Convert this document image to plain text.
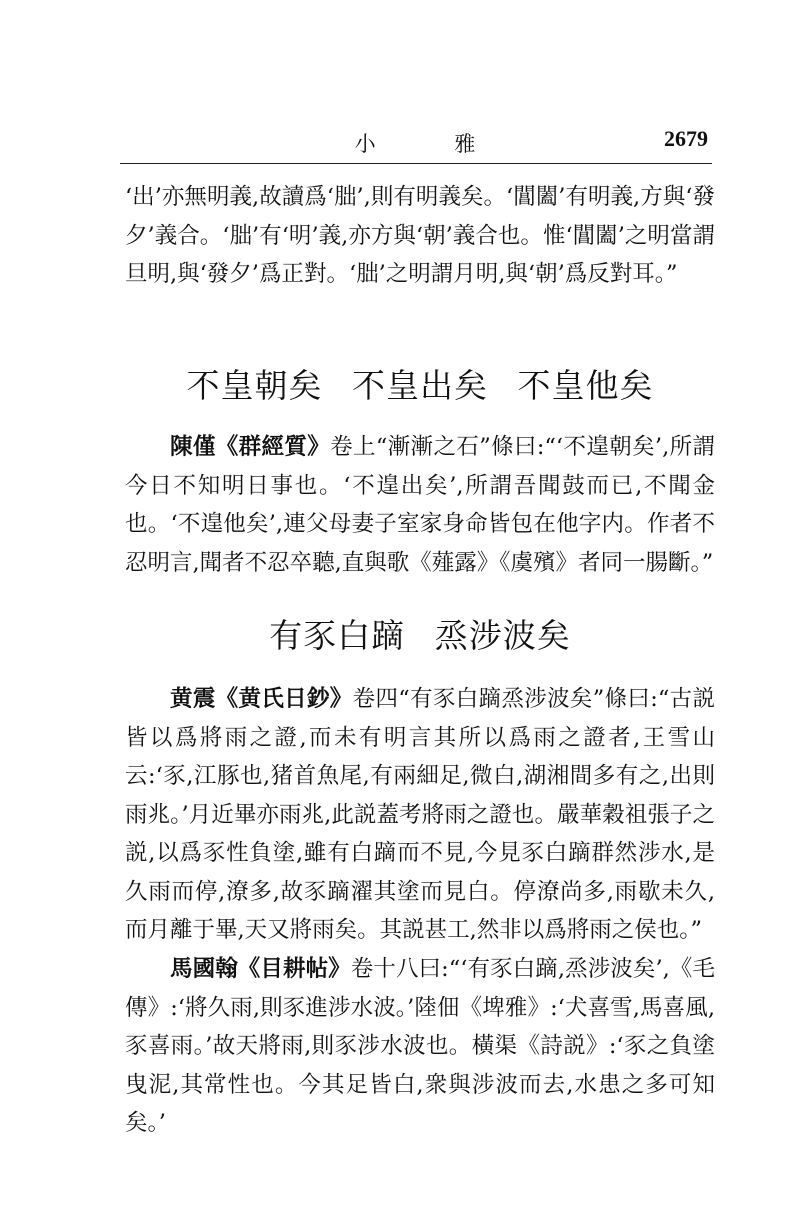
小 雅	2679

‘出’亦無明義,故讀爲‘朏’,則有明義矣。‘閶闔’有明義,方與‘發夕’義合。‘朏’有‘明’義,亦方與‘朝’義合也。惟‘閶闔’之明當謂旦明,與‘發夕’爲正對。‘朏’之明謂月明,與‘朝’爲反對耳。”

不皇朝矣 不皇出矣 不皇他矣

陳僅《群經質》卷上“漸漸之石”條曰:“‘不遑朝矣’,所謂今日不知明日事也。‘不遑出矣’,所謂吾聞鼓而已,不聞金也。‘不遑他矣’,連父母妻子室家身命皆包在他字内。作者不忍明言,聞者不忍卒聽,直與歌《薤露》《虞殯》者同一腸斷。”

有豕白蹢 烝涉波矣

黄震《黄氏日鈔》卷四“有豕白蹢烝涉波矣”條曰:“古説皆以爲將雨之證,而未有明言其所以爲雨之證者,王雪山云:‘豕,江豚也,猪首魚尾,有兩細足,微白,湖湘間多有之,出則雨兆。’月近畢亦雨兆,此説蓋考將雨之證也。嚴華穀祖張子之説,以爲豕性負塗,雖有白蹢而不見,今見豕白蹢群然涉水,是久雨而停,潦多,故豕蹢濯其塗而見白。停潦尚多,雨歇未久,而月離于畢,天又將雨矣。其説甚工,然非以爲將雨之侯也。”

馬國翰《目耕帖》卷十八曰:“‘有豕白蹢,烝涉波矣’,《毛傳》:‘將久雨,則豕進涉水波。’陸佃《埤雅》:‘犬喜雪,馬喜風,豕喜雨。’故天將雨,則豕涉水波也。橫渠《詩説》:‘豕之負塗曳泥,其常性也。今其足皆白,衆與涉波而去,水患之多可知矣。’
